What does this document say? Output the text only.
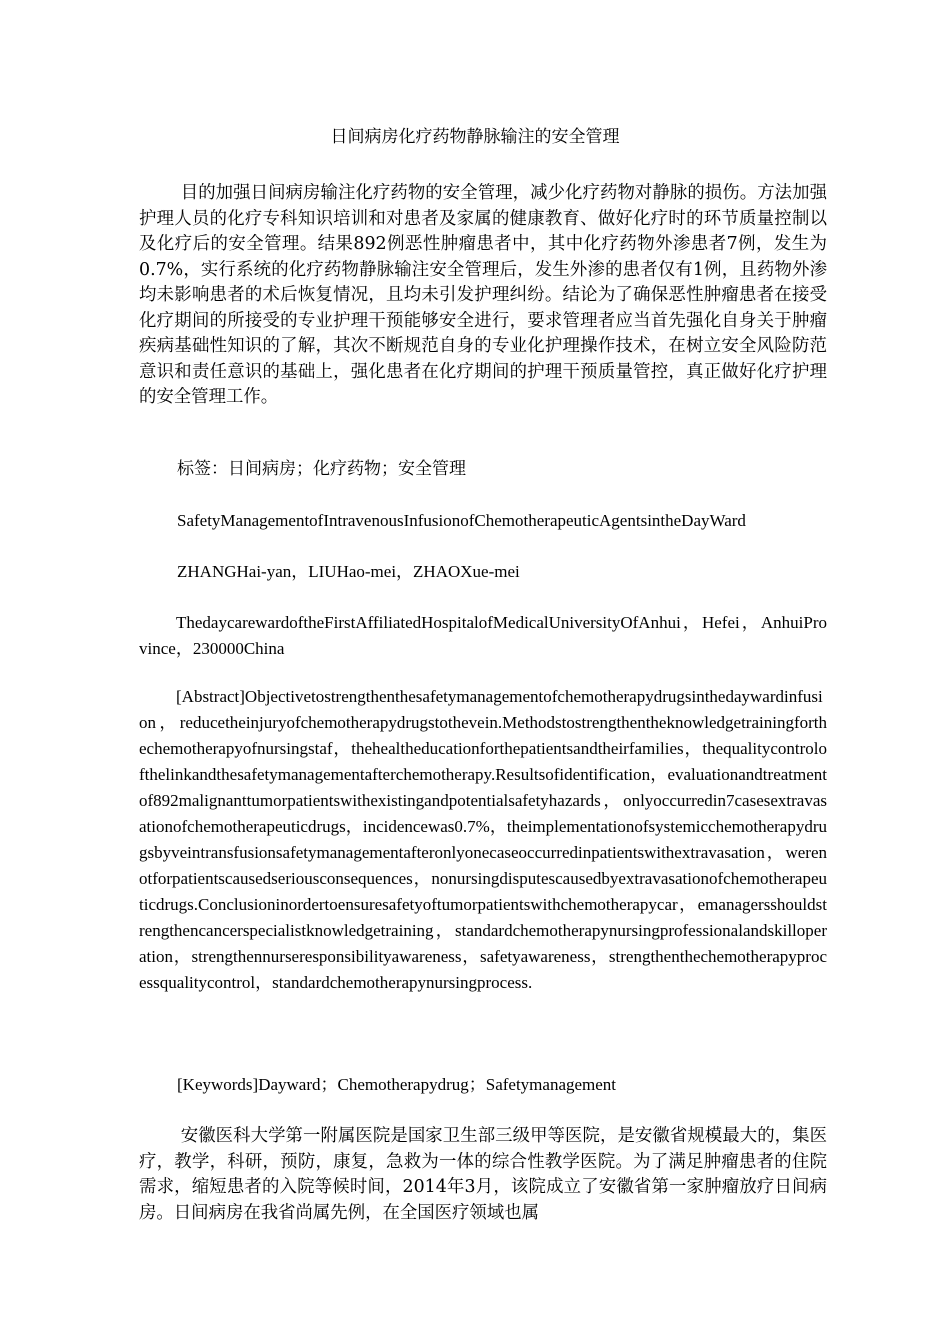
日间病房化疗药物静脉输注的安全管理

目的加强日间病房输注化疗药物的安全管理，减少化疗药物对静脉的损伤。方法加强护理人员的化疗专科知识培训和对患者及家属的健康教育、做好化疗时的环节质量控制以及化疗后的安全管理。结果892例恶性肿瘤患者中，其中化疗药物外渗患者7例，发生为0.7%，实行系统的化疗药物静脉输注安全管理后，发生外渗的患者仅有1例，且药物外渗均未影响患者的术后恢复情况，且均未引发护理纠纷。结论为了确保恶性肿瘤患者在接受化疗期间的所接受的专业护理干预能够安全进行，要求管理者应当首先强化自身关于肿瘤疾病基础性知识的了解，其次不断规范自身的专业化护理操作技术，在树立安全风险防范意识和责任意识的基础上，强化患者在化疗期间的护理干预质量管控，真正做好化疗护理的安全管理工作。

标签：日间病房；化疗药物；安全管理

SafetyManagementofIntravenousInfusionofChemotherapeuticAgentsintheDayWard

ZHANGHai-yan，LIUHao-mei，ZHAOXue-mei

ThedaycarewardoftheFirstAffiliatedHospitalofMedicalUniversityOfAnhui，Hefei，AnhuiProvince，230000China

[Abstract]Objectivetostrengthenthesafetymanagementofchemotherapydrugsinthedaywardinfusion，reducetheinjuryofchemotherapydrugstothevein.Methodstostrengthentheknowledgetrainingforthechemotherapyofnursingstaf，thehealtheducationforthepatientsandtheirfamilies，thequalitycontrolofthelinkandthesafetymanagementafterchemotherapy.Resultsofidentification，evaluationandtreatmentof892malignanttumorpatientswithexistingandpotentialsafetyhazards，onlyoccurredin7casesextravasationofchemotherapeuticdrugs，incidencewas0.7%，theimplementationofsystemicchemotherapydrugsbyveintransfusionsafetymanagementafteronlyonecaseoccurredinpatientswithextravasation，werenotforpatientscausedseriousconsequences，nonursingdisputescausedbyextravasationofchemotherapeuticdrugs.Conclusioninordertoensuresafetyoftumorpatientswithchemotherapycar，emanagersshouldstrengthencancerspecialistknowledgetraining，standardchemotherapynursingprofessionalandskilloperation，strengthennurseresponsibilityawareness，safetyawareness，strengthenthechemotherapyprocessqualitycontrol，standardchemotherapynursingprocess.

[Keywords]Dayward；Chemotherapydrug；Safetymanagement

安徽医科大学第一附属医院是国家卫生部三级甲等医院，是安徽省规模最大的，集医疗，教学，科研，预防，康复，急救为一体的综合性教学医院。为了满足肿瘤患者的住院需求，缩短患者的入院等候时间，2014年3月，该院成立了安徽省第一家肿瘤放疗日间病房。日间病房在我省尚属先例，在全国医疗领域也属
